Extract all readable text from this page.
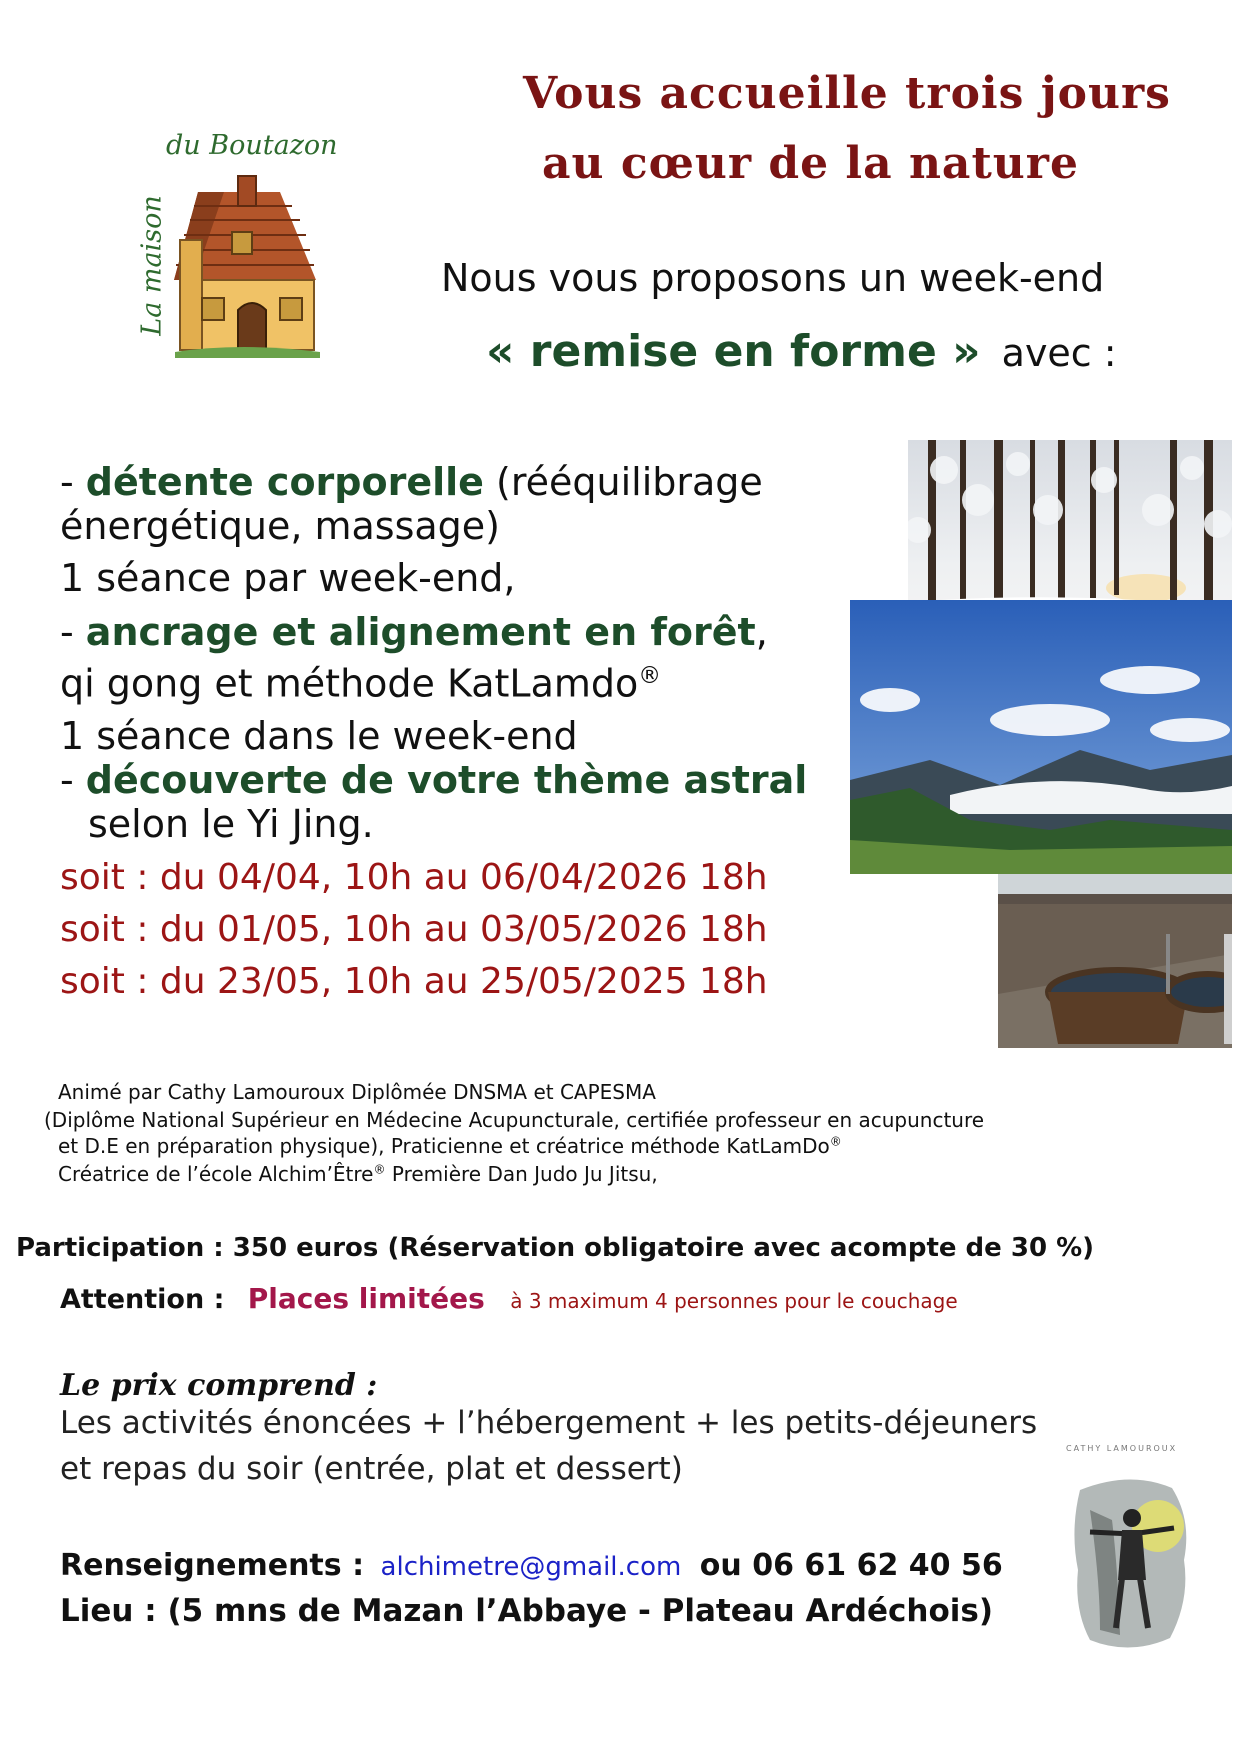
Vous accueille trois jours
au cœur de la nature
du Boutazon
La maison	Nous vous proposons un week-end
« remise en forme » avec :
- détente corporelle (rééquilibrage
énergétique, massage)
1 séance par week-end,
- ancrage et alignement en forêt,
qi gong et méthode KatLamdo®
1 séance dans le week-end
- découverte de votre thème astral
selon le Yi Jing.
soit : du 04/04, 10h au 06/04/2026 18h
soit : du 01/05, 10h au 03/05/2026 18h
soit : du 23/05, 10h au 25/05/2025 18h
Animé par Cathy Lamouroux Diplômée DNSMA et CAPESMA
(Diplôme National Supérieur en Médecine Acupuncturale, certifiée professeur en acupuncture
et D.E en préparation physique), Praticienne et créatrice méthode KatLamDo®
Créatrice de l’école Alchim’Être® Première Dan Judo Ju Jitsu,
Participation : 350 euros (Réservation obligatoire avec acompte de 30 %)
Attention : Places limitées à 3 maximum 4 personnes pour le couchage
Le prix comprend :
Les activités énoncées + l’hébergement + les petits-déjeuners
et repas du soir (entrée, plat et dessert)
Renseignements : alchimetre@gmail.com ou 06 61 62 40 56
Lieu : (5 mns de Mazan l’Abbaye - Plateau Ardéchois)
CATHY LAMOUROUX
